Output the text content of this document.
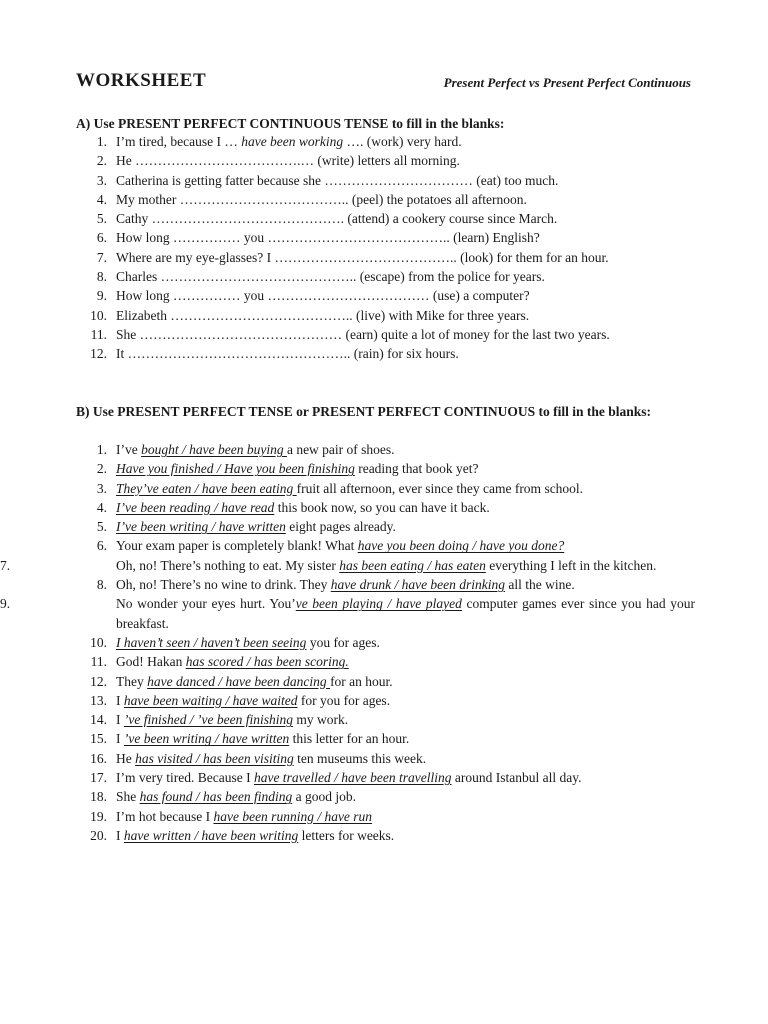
WORKSHEET	Present Perfect vs Present Perfect Continuous
A) Use PRESENT PERFECT CONTINUOUS TENSE to fill in the blanks:
1. I’m tired, because I … have been working …. (work) very hard.
2. He ……………………………….… (write) letters all morning.
3. Catherina is getting fatter because she …………………………… (eat) too much.
4. My mother ……………………………….. (peel) the potatoes all afternoon.
5. Cathy ……………………………………. (attend) a cookery course since March.
6. How long …………… you ………………………………….. (learn) English?
7. Where are my eye-glasses? I ………………………………….. (look) for them for an hour.
8. Charles …………………………………….. (escape) from the police for years.
9. How long …………… you ……………………………… (use) a computer?
10. Elizabeth ………………………………….. (live) with Mike for three years.
11. She ……………………………………… (earn) quite a lot of money for the last two years.
12. It ………………………………………….. (rain) for six hours.
B) Use PRESENT PERFECT TENSE or PRESENT PERFECT CONTINUOUS to fill in the blanks:
1. I’ve bought / have been buying a new pair of shoes.
2. Have you finished / Have you been finishing reading that book yet?
3. They’ve eaten / have been eating fruit all afternoon, ever since they came from school.
4. I’ve been reading / have read this book now, so you can have it back.
5. I’ve been writing / have written eight pages already.
6. Your exam paper is completely blank! What have you been doing / have you done?
7.	Oh, no! There’s nothing to eat. My sister has been eating / has eaten everything I left in the kitchen.
8. Oh, no! There’s no wine to drink. They have drunk / have been drinking all the wine.
9.	No wonder your eyes hurt. You’ve been playing / have played computer games ever since you had your breakfast.
10. I haven’t seen / haven’t been seeing you for ages.
11. God! Hakan has scored / has been scoring.
12. They have danced / have been dancing for an hour.
13. I have been waiting / have waited for you for ages.
14. I ’ve finished / ’ve been finishing my work.
15. I ’ve been writing / have written this letter for an hour.
16. He has visited / has been visiting ten museums this week.
17. I’m very tired. Because I have travelled / have been travelling around Istanbul all day.
18. She has found / has been finding a good job.
19. I’m hot because I have been running / have run
20. I have written / have been writing letters for weeks.
